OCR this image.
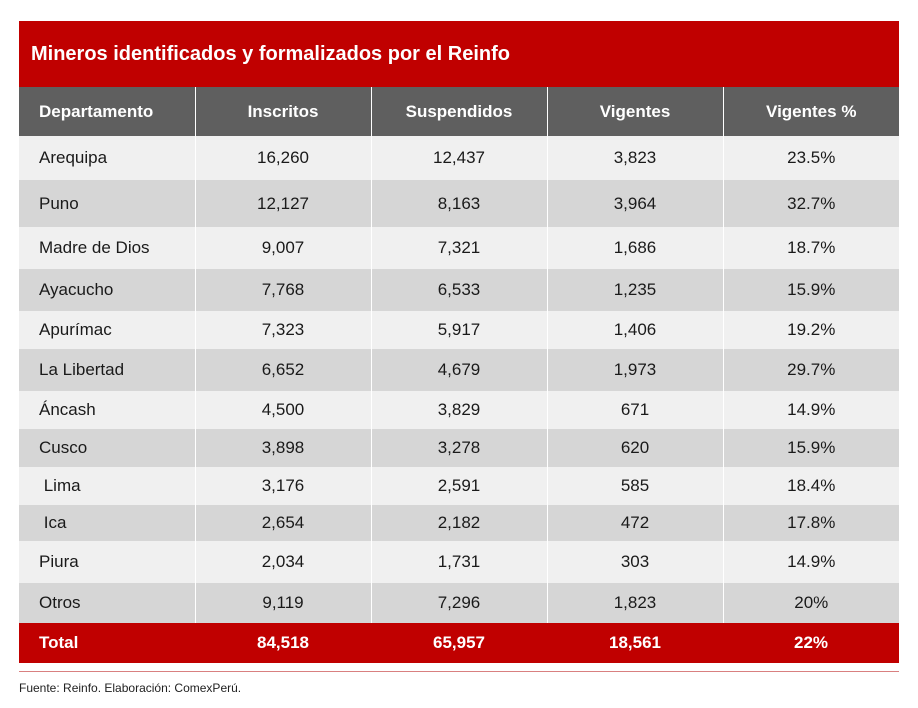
Mineros identificados y formalizados por el Reinfo
Departamento	Inscritos	Suspendidos	Vigentes	Vigentes %
Arequipa	16,260	12,437	3,823	23.5%
Puno	12,127	8,163	3,964	32.7%
Madre de Dios	9,007	7,321	1,686	18.7%
Ayacucho	7,768	6,533	1,235	15.9%
Apurímac	7,323	5,917	1,406	19.2%
La Libertad	6,652	4,679	1,973	29.7%
Áncash	4,500	3,829	671	14.9%
Cusco	3,898	3,278	620	15.9%
Lima	3,176	2,591	585	18.4%
Ica	2,654	2,182	472	17.8%
Piura	2,034	1,731	303	14.9%
Otros	9,119	7,296	1,823	20%
Total	84,518	65,957	18,561	22%
Fuente: Reinfo. Elaboración: ComexPerú.
